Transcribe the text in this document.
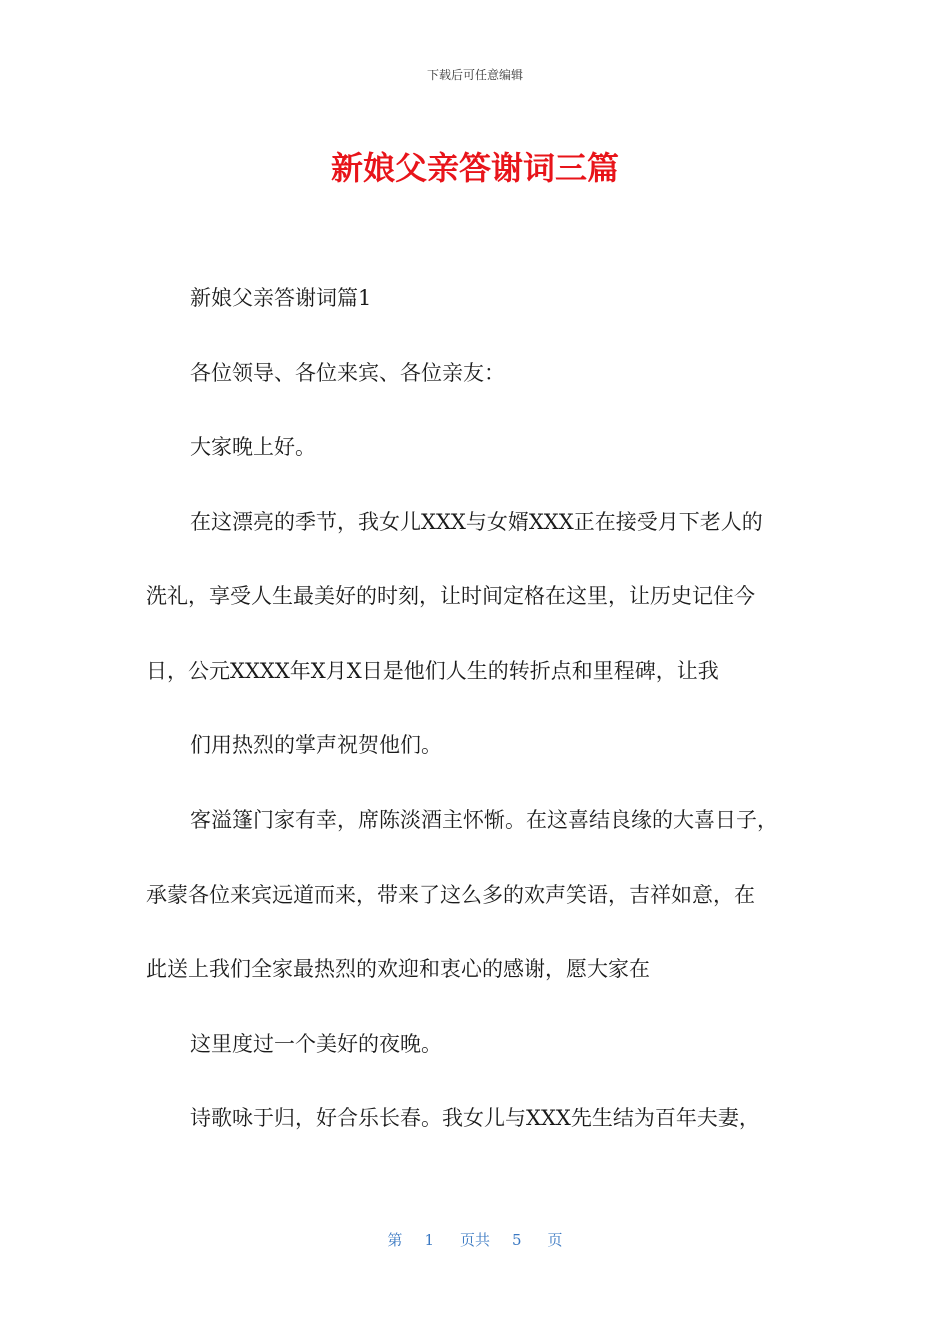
下载后可任意编辑
新娘父亲答谢词三篇
新娘父亲答谢词篇1
各位领导、各位来宾、各位亲友：
大家晚上好。
在这漂亮的季节，我女儿XXX与女婿XXX正在接受月下老人的
洗礼，享受人生最美好的时刻，让时间定格在这里，让历史记住今
日，公元XXXX年X月X日是他们人生的转折点和里程碑，让我
们用热烈的掌声祝贺他们。
客溢篷门家有幸，席陈淡酒主怀惭。在这喜结良缘的大喜日子，
承蒙各位来宾远道而来，带来了这么多的欢声笑语，吉祥如意，在
此送上我们全家最热烈的欢迎和衷心的感谢，愿大家在
这里度过一个美好的夜晚。
诗歌咏于归，好合乐长春。我女儿与XXX先生结为百年夫妻，
第 1 页共 5 页
